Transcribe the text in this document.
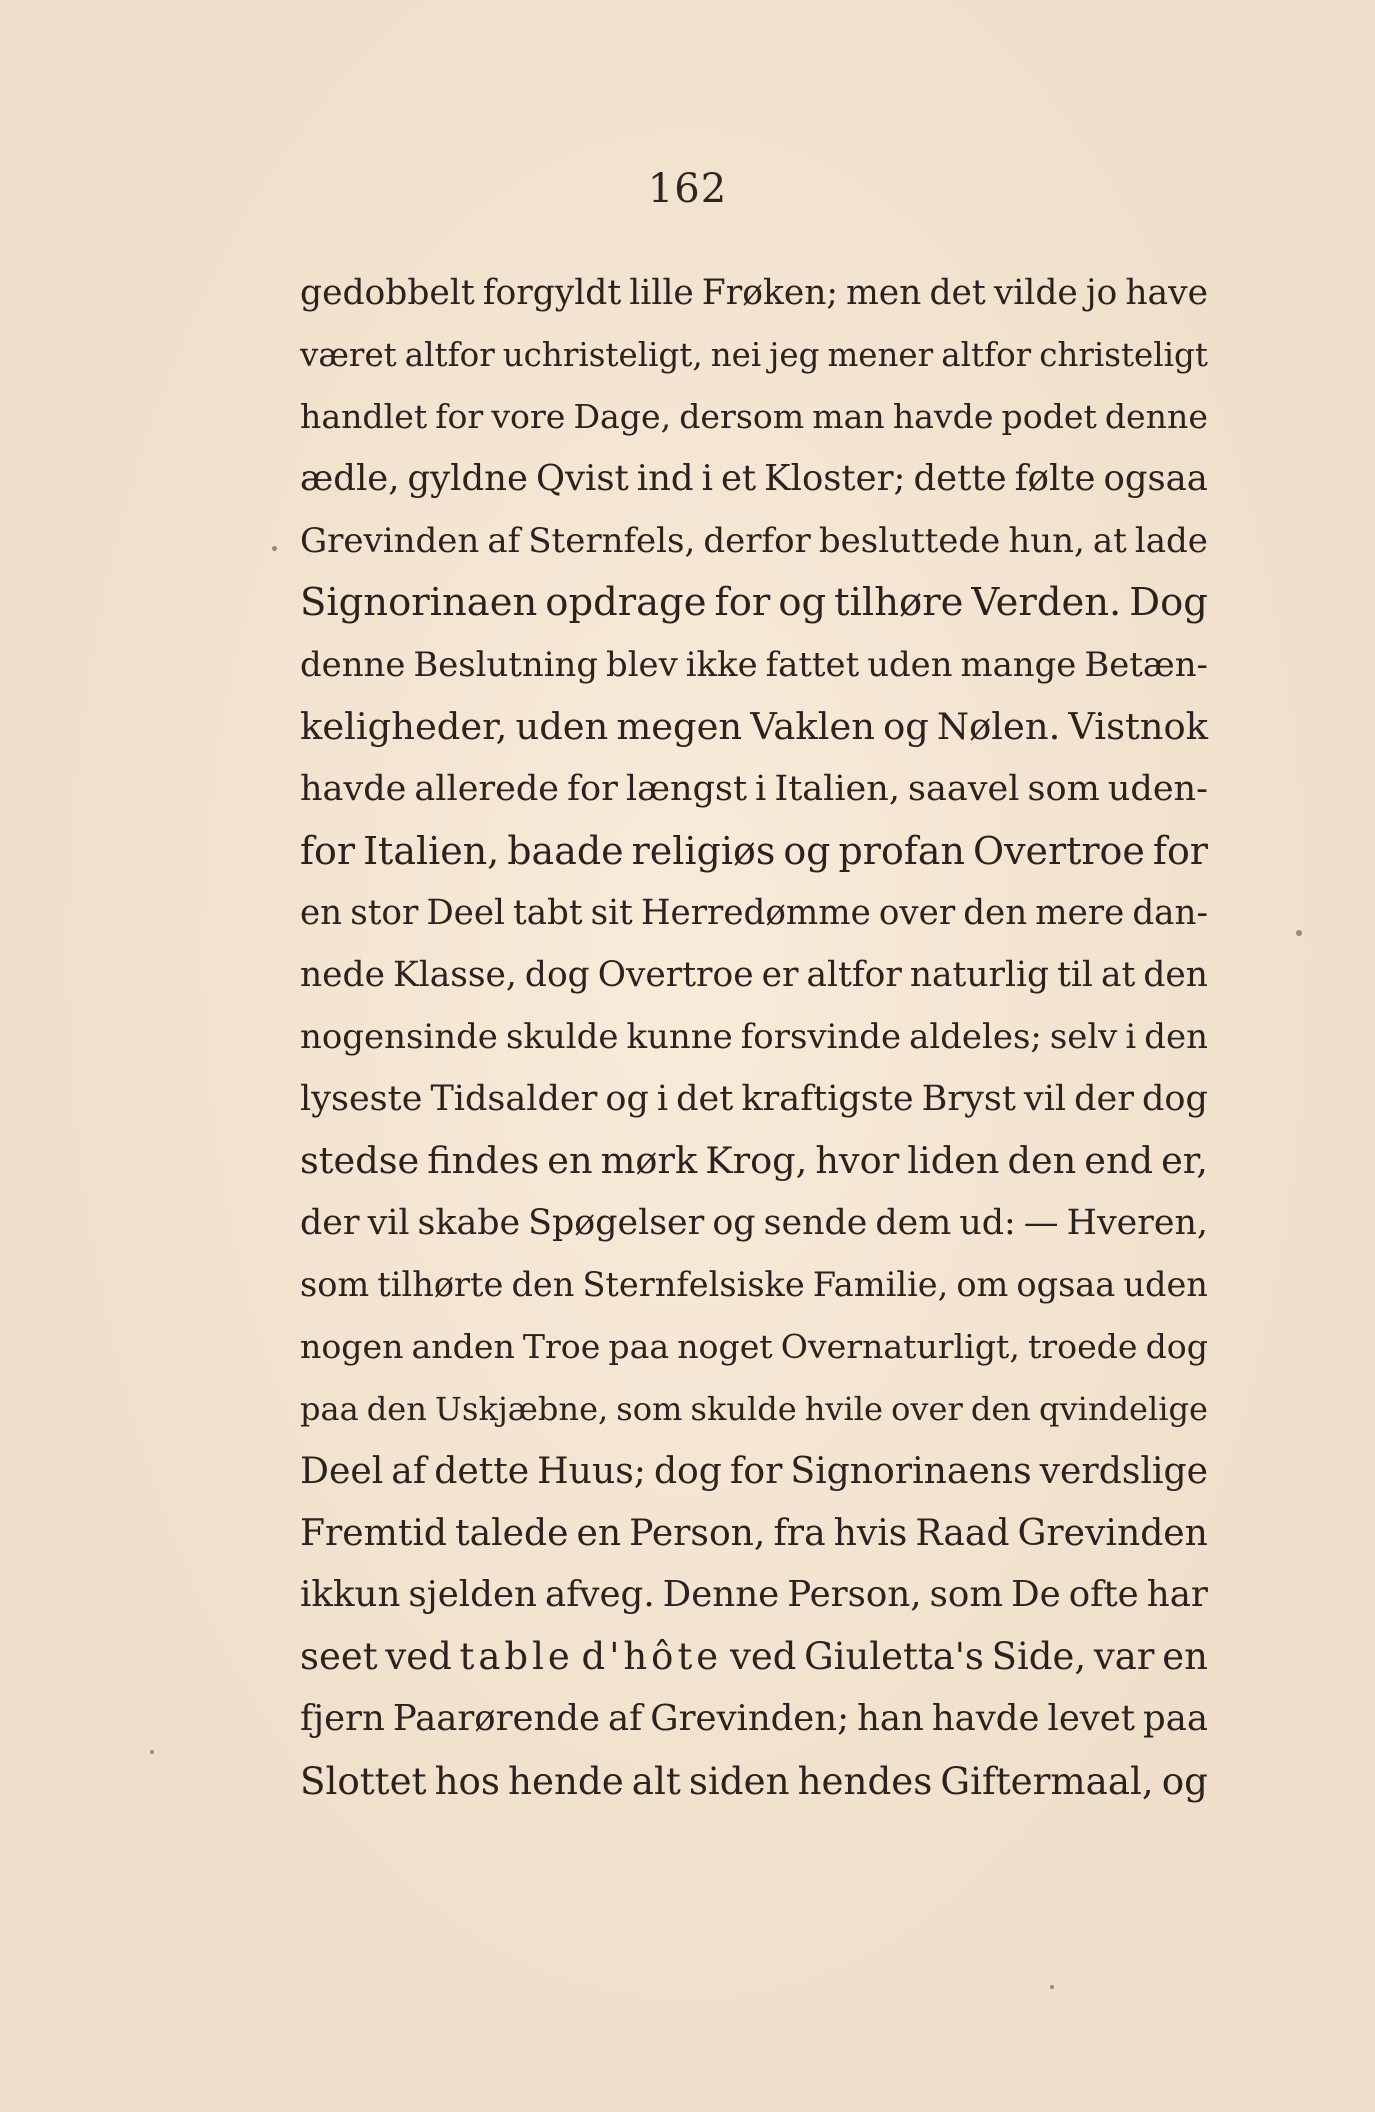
162
gedobbelt forgyldt lille Frøken; men det vilde jo have
været altfor uchristeligt, nei jeg mener altfor christeligt
handlet for vore Dage, dersom man havde podet denne
ædle, gyldne Qvist ind i et Kloster; dette følte ogsaa
Grevinden af Sternfels, derfor besluttede hun, at lade
Signorinaen opdrage for og tilhøre Verden. Dog
denne Beslutning blev ikke fattet uden mange Betæn-
keligheder, uden megen Vaklen og Nølen. Vistnok
havde allerede for længst i Italien, saavel som uden-
for Italien, baade religiøs og profan Overtroe for
en stor Deel tabt sit Herredømme over den mere dan-
nede Klasse, dog Overtroe er altfor naturlig til at den
nogensinde skulde kunne forsvinde aldeles; selv i den
lyseste Tidsalder og i det kraftigste Bryst vil der dog
stedse findes en mørk Krog, hvor liden den end er,
der vil skabe Spøgelser og sende dem ud: — Hveren,
som tilhørte den Sternfelsiske Familie, om ogsaa uden
nogen anden Troe paa noget Overnaturligt, troede dog
paa den Uskjæbne, som skulde hvile over den qvindelige
Deel af dette Huus; dog for Signorinaens verdslige
Fremtid talede en Person, fra hvis Raad Grevinden
ikkun sjelden afveg. Denne Person, som De ofte har
seet ved table d'hôte ved Giuletta's Side, var en
fjern Paarørende af Grevinden; han havde levet paa
Slottet hos hende alt siden hendes Giftermaal, og
